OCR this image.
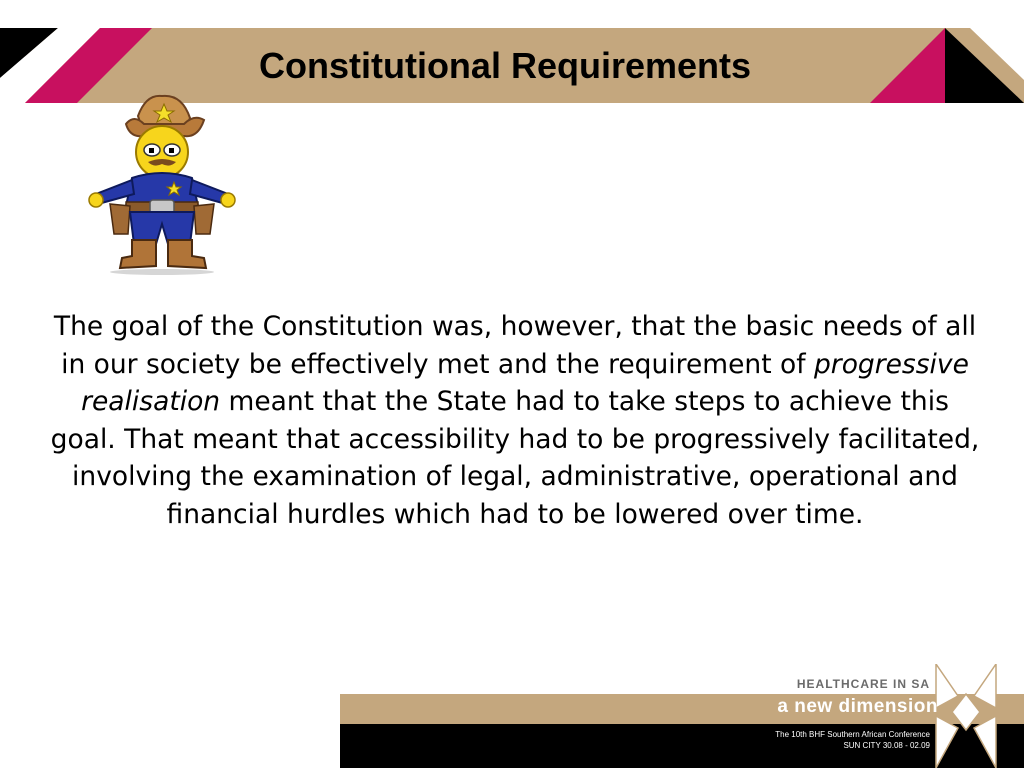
Constitutional Requirements
The goal of the Constitution was, however, that the basic needs of all in our society be effectively met and the requirement of progressive realisation meant that the State had to take steps to achieve this goal. That meant that accessibility had to be progressively facilitated, involving the examination of legal, administrative, operational and financial hurdles which had to be lowered over time.
HEALTHCARE IN SA
a new dimension
The 10th BHF Southern African Conference
SUN CITY 30.08 - 02.09
